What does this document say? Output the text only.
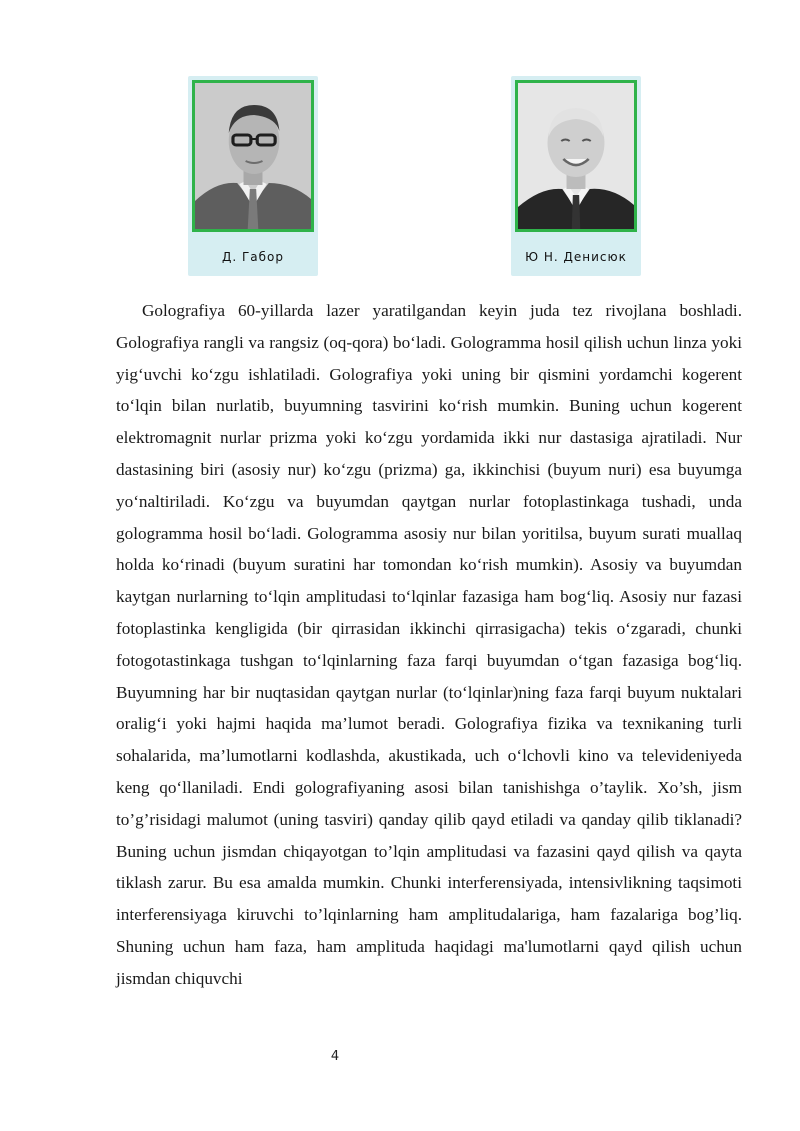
Д. Габор	Ю Н. Денисюк

Golografiya 60-yillarda lazer yaratilgandan keyin juda tez rivojlana boshladi. Golografiya rangli va rangsiz (oq-qora) bo‘ladi. Gologramma hosil qilish uchun linza yoki yig‘uvchi ko‘zgu ishlatiladi. Golografiya yoki uning bir qismini yordamchi kogerent to‘lqin bilan nurlatib, buyumning tasvirini ko‘rish mumkin. Buning uchun kogerent elektromagnit nurlar prizma yoki ko‘zgu yordamida ikki nur dastasiga ajratiladi. Nur dastasining biri (asosiy nur) ko‘zgu (prizma) ga, ikkinchisi (buyum nuri) esa buyumga yo‘naltiriladi. Ko‘zgu va buyumdan qaytgan nurlar fotoplastinkaga tushadi, unda gologramma hosil bo‘ladi. Gologramma asosiy nur bilan yoritilsa, buyum surati muallaq holda ko‘rinadi (buyum suratini har tomondan ko‘rish mumkin). Asosiy va buyumdan kaytgan nurlarning to‘lqin amplitudasi to‘lqinlar fazasiga ham bog‘liq. Asosiy nur fazasi fotoplastinka kengligida (bir qirrasidan ikkinchi qirrasigacha) tekis o‘zgaradi, chunki fotogotastinkaga tushgan to‘lqinlarning faza farqi buyumdan o‘tgan fazasiga bog‘liq. Buyumning har bir nuqtasidan qaytgan nurlar (to‘lqinlar)ning faza farqi buyum nuktalari oralig‘i yoki hajmi haqida ma’lumot beradi. Golografiya fizika va texnikaning turli sohalarida, ma’lumotlarni kodlashda, akustikada, uch o‘lchovli kino va televideniyeda keng qo‘llaniladi. Endi golografiyaning asosi bilan tanishishga o’taylik. Xo’sh, jism to’g’risidagi malumot (uning tasviri) qanday qilib qayd etiladi va qanday qilib tiklanadi? Buning uchun jismdan chiqayotgan to’lqin amplitudasi va fazasini qayd qilish va qayta tiklash zarur. Bu esa amalda mumkin. Chunki interferensiyada, intensivlikning taqsimoti interferensiyaga kiruvchi to’lqinlarning ham amplitudalariga, ham fazalariga bog’liq. Shuning uchun ham faza, ham amplituda haqidagi ma'lumotlarni qayd qilish uchun jismdan chiquvchi

4
